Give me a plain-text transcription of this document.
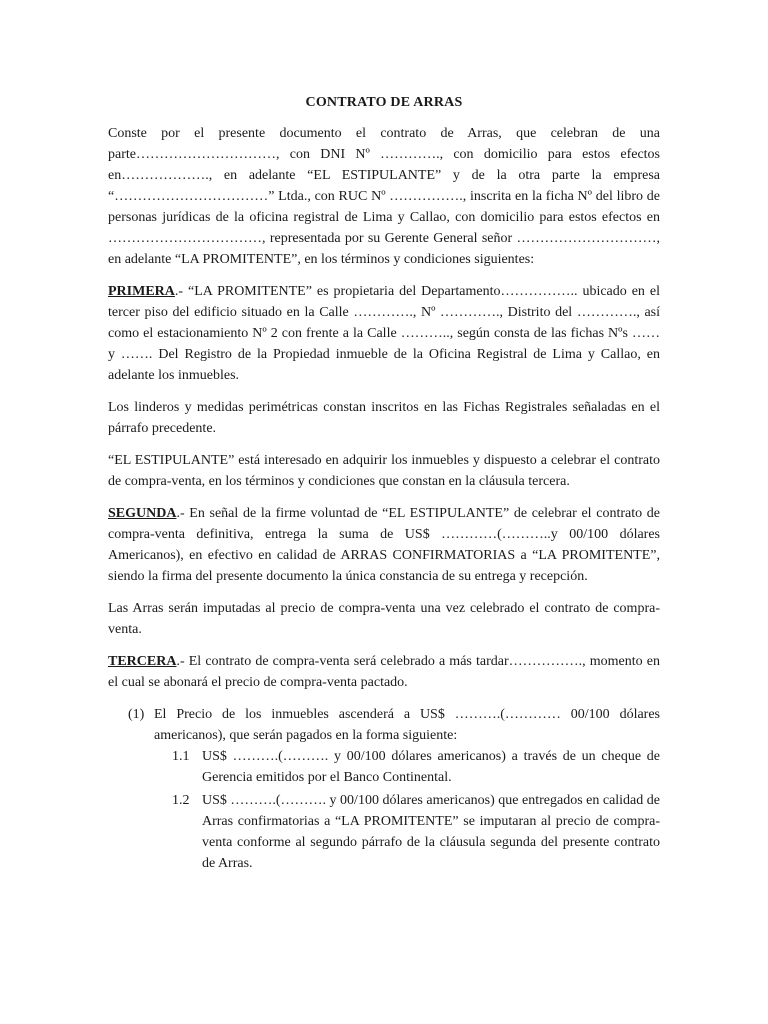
CONTRATO DE ARRAS

Conste por el presente documento el contrato de Arras, que celebran de una parte…………………………, con DNI Nº …………., con domicilio para estos efectos en………………., en adelante “EL ESTIPULANTE” y de la otra parte la empresa “……………………………” Ltda., con RUC Nº ……………., inscrita en la ficha Nº del libro de personas jurídicas de la oficina registral de Lima y Callao, con domicilio para estos efectos en ……………………………, representada por su Gerente General señor …………………………, en adelante “LA PROMITENTE”, en los términos y condiciones siguientes:

PRIMERA.- “LA PROMITENTE” es propietaria del Departamento…………….. ubicado en el tercer piso del edificio situado en la Calle …………., Nº …………., Distrito del …………., así como el estacionamiento Nº 2 con frente a la Calle ……….., según consta de las fichas Nºs …… y ……. Del Registro de la Propiedad inmueble de la Oficina Registral de Lima y Callao, en adelante los inmuebles.

Los linderos y medidas perimétricas constan inscritos en las Fichas Registrales señaladas en el párrafo precedente.

“EL ESTIPULANTE” está interesado en adquirir los inmuebles y dispuesto a celebrar el contrato de compra-venta, en los términos y condiciones que constan en la cláusula tercera.

SEGUNDA.- En señal de la firme voluntad de “EL ESTIPULANTE” de celebrar el contrato de compra-venta definitiva, entrega la suma de US$ …………(………..y 00/100 dólares Americanos), en efectivo en calidad de ARRAS CONFIRMATORIAS a “LA PROMITENTE”, siendo la firma del presente documento la única constancia de su entrega y recepción.

Las Arras serán imputadas al precio de compra-venta una vez celebrado el contrato de compra-venta.

TERCERA.- El contrato de compra-venta será celebrado a más tardar……………., momento en el cual se abonará el precio de compra-venta pactado.

(1) El Precio de los inmuebles ascenderá a US$ ……….(………… 00/100 dólares americanos), que serán pagados en la forma siguiente:
1.1 US$ ……….(………. y 00/100 dólares americanos) a través de un cheque de Gerencia emitidos por el Banco Continental.
1.2 US$ ……….(………. y 00/100 dólares americanos) que entregados en calidad de Arras confirmatorias a “LA PROMITENTE” se imputaran al precio de compra-venta conforme al segundo párrafo de la cláusula segunda del presente contrato de Arras.
